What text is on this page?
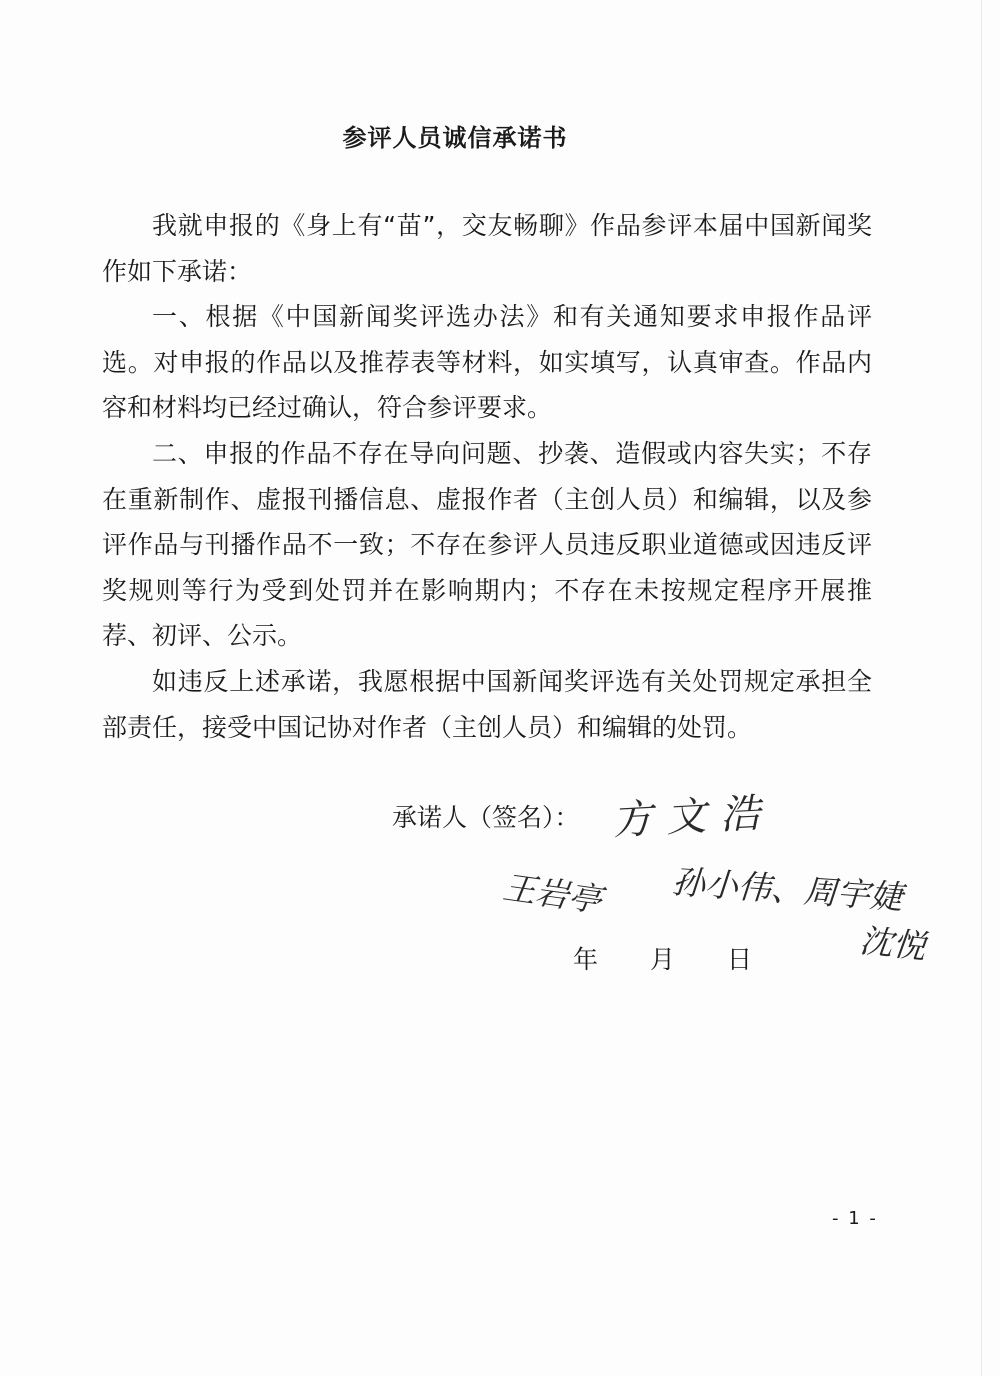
参评人员诚信承诺书

我就申报的《身上有“苗”，交友畅聊》作品参评本届中国新闻奖作如下承诺：

一、根据《中国新闻奖评选办法》和有关通知要求申报作品评选。对申报的作品以及推荐表等材料，如实填写，认真审查。作品内容和材料均已经过确认，符合参评要求。

二、申报的作品不存在导向问题、抄袭、造假或内容失实；不存在重新制作、虚报刊播信息、虚报作者（主创人员）和编辑，以及参评作品与刊播作品不一致；不存在参评人员违反职业道德或因违反评奖规则等行为受到处罚并在影响期内；不存在未按规定程序开展推荐、初评、公示。

如违反上述承诺，我愿根据中国新闻奖评选有关处罚规定承担全部责任，接受中国记协对作者（主创人员）和编辑的处罚。

承诺人（签名）： 方文浩
王岩亭 孙小伟、周宇婕
沈悦
年 月 日
- 1 -
